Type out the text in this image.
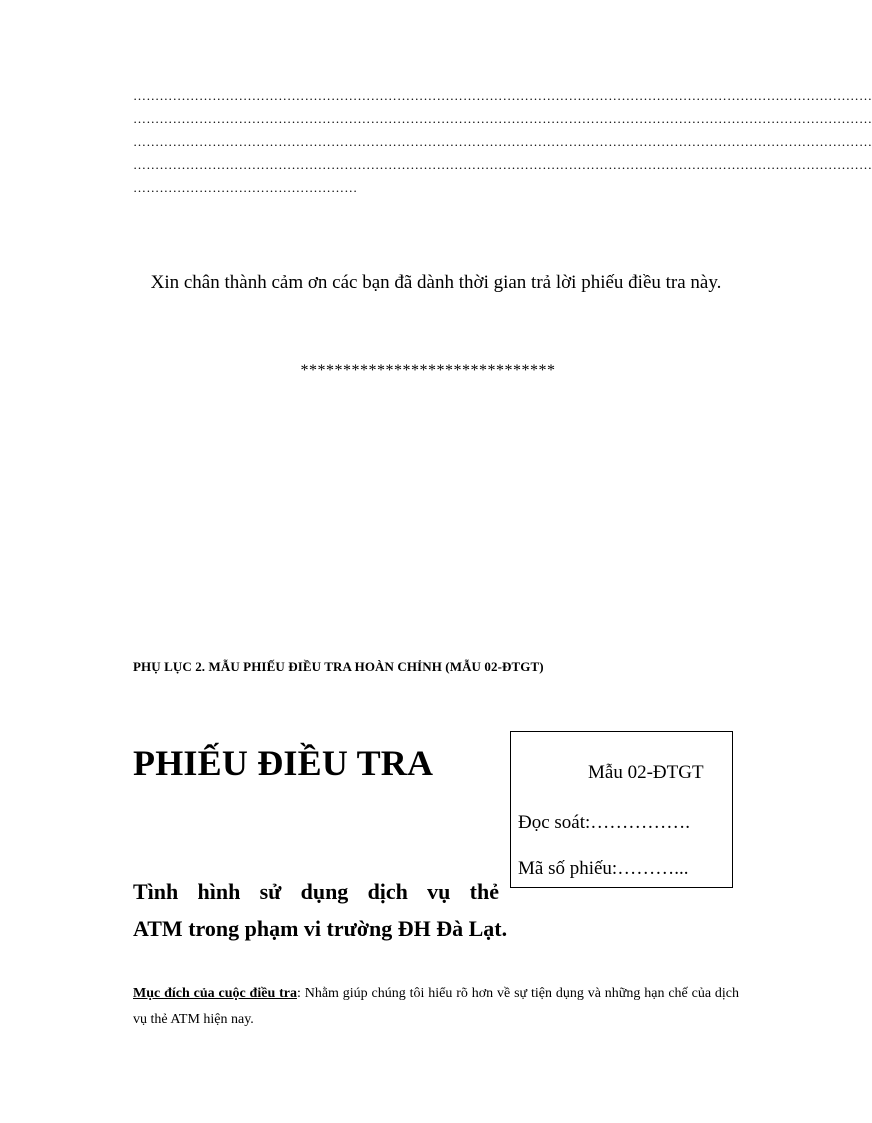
……………………………………………………………………………………………………………………………………………………
……………………………………………………………………………………………………………………………………………………
……………………………………………………………………………………………………………………………………………………
……………………………………………………………………………………………………………………………………………………
……………………………………………
Xin chân thành cảm ơn các bạn đã dành thời gian trả lời phiếu điều tra này.
******************************
PHỤ LỤC 2. MẪU PHIẾU ĐIỀU TRA HOÀN CHỈNH (MẪU 02-ĐTGT)
PHIẾU ĐIỀU TRA	Mẫu 02-ĐTGT
Đọc soát:…………….
Mã số phiếu:………...
Tình hình sử dụng dịch vụ thẻ
ATM trong phạm vi trường ĐH Đà Lạt.
Mục đích của cuộc điều tra: Nhằm giúp chúng tôi hiểu rõ hơn về sự tiện dụng và những hạn chế của dịch vụ thẻ ATM hiện nay.
